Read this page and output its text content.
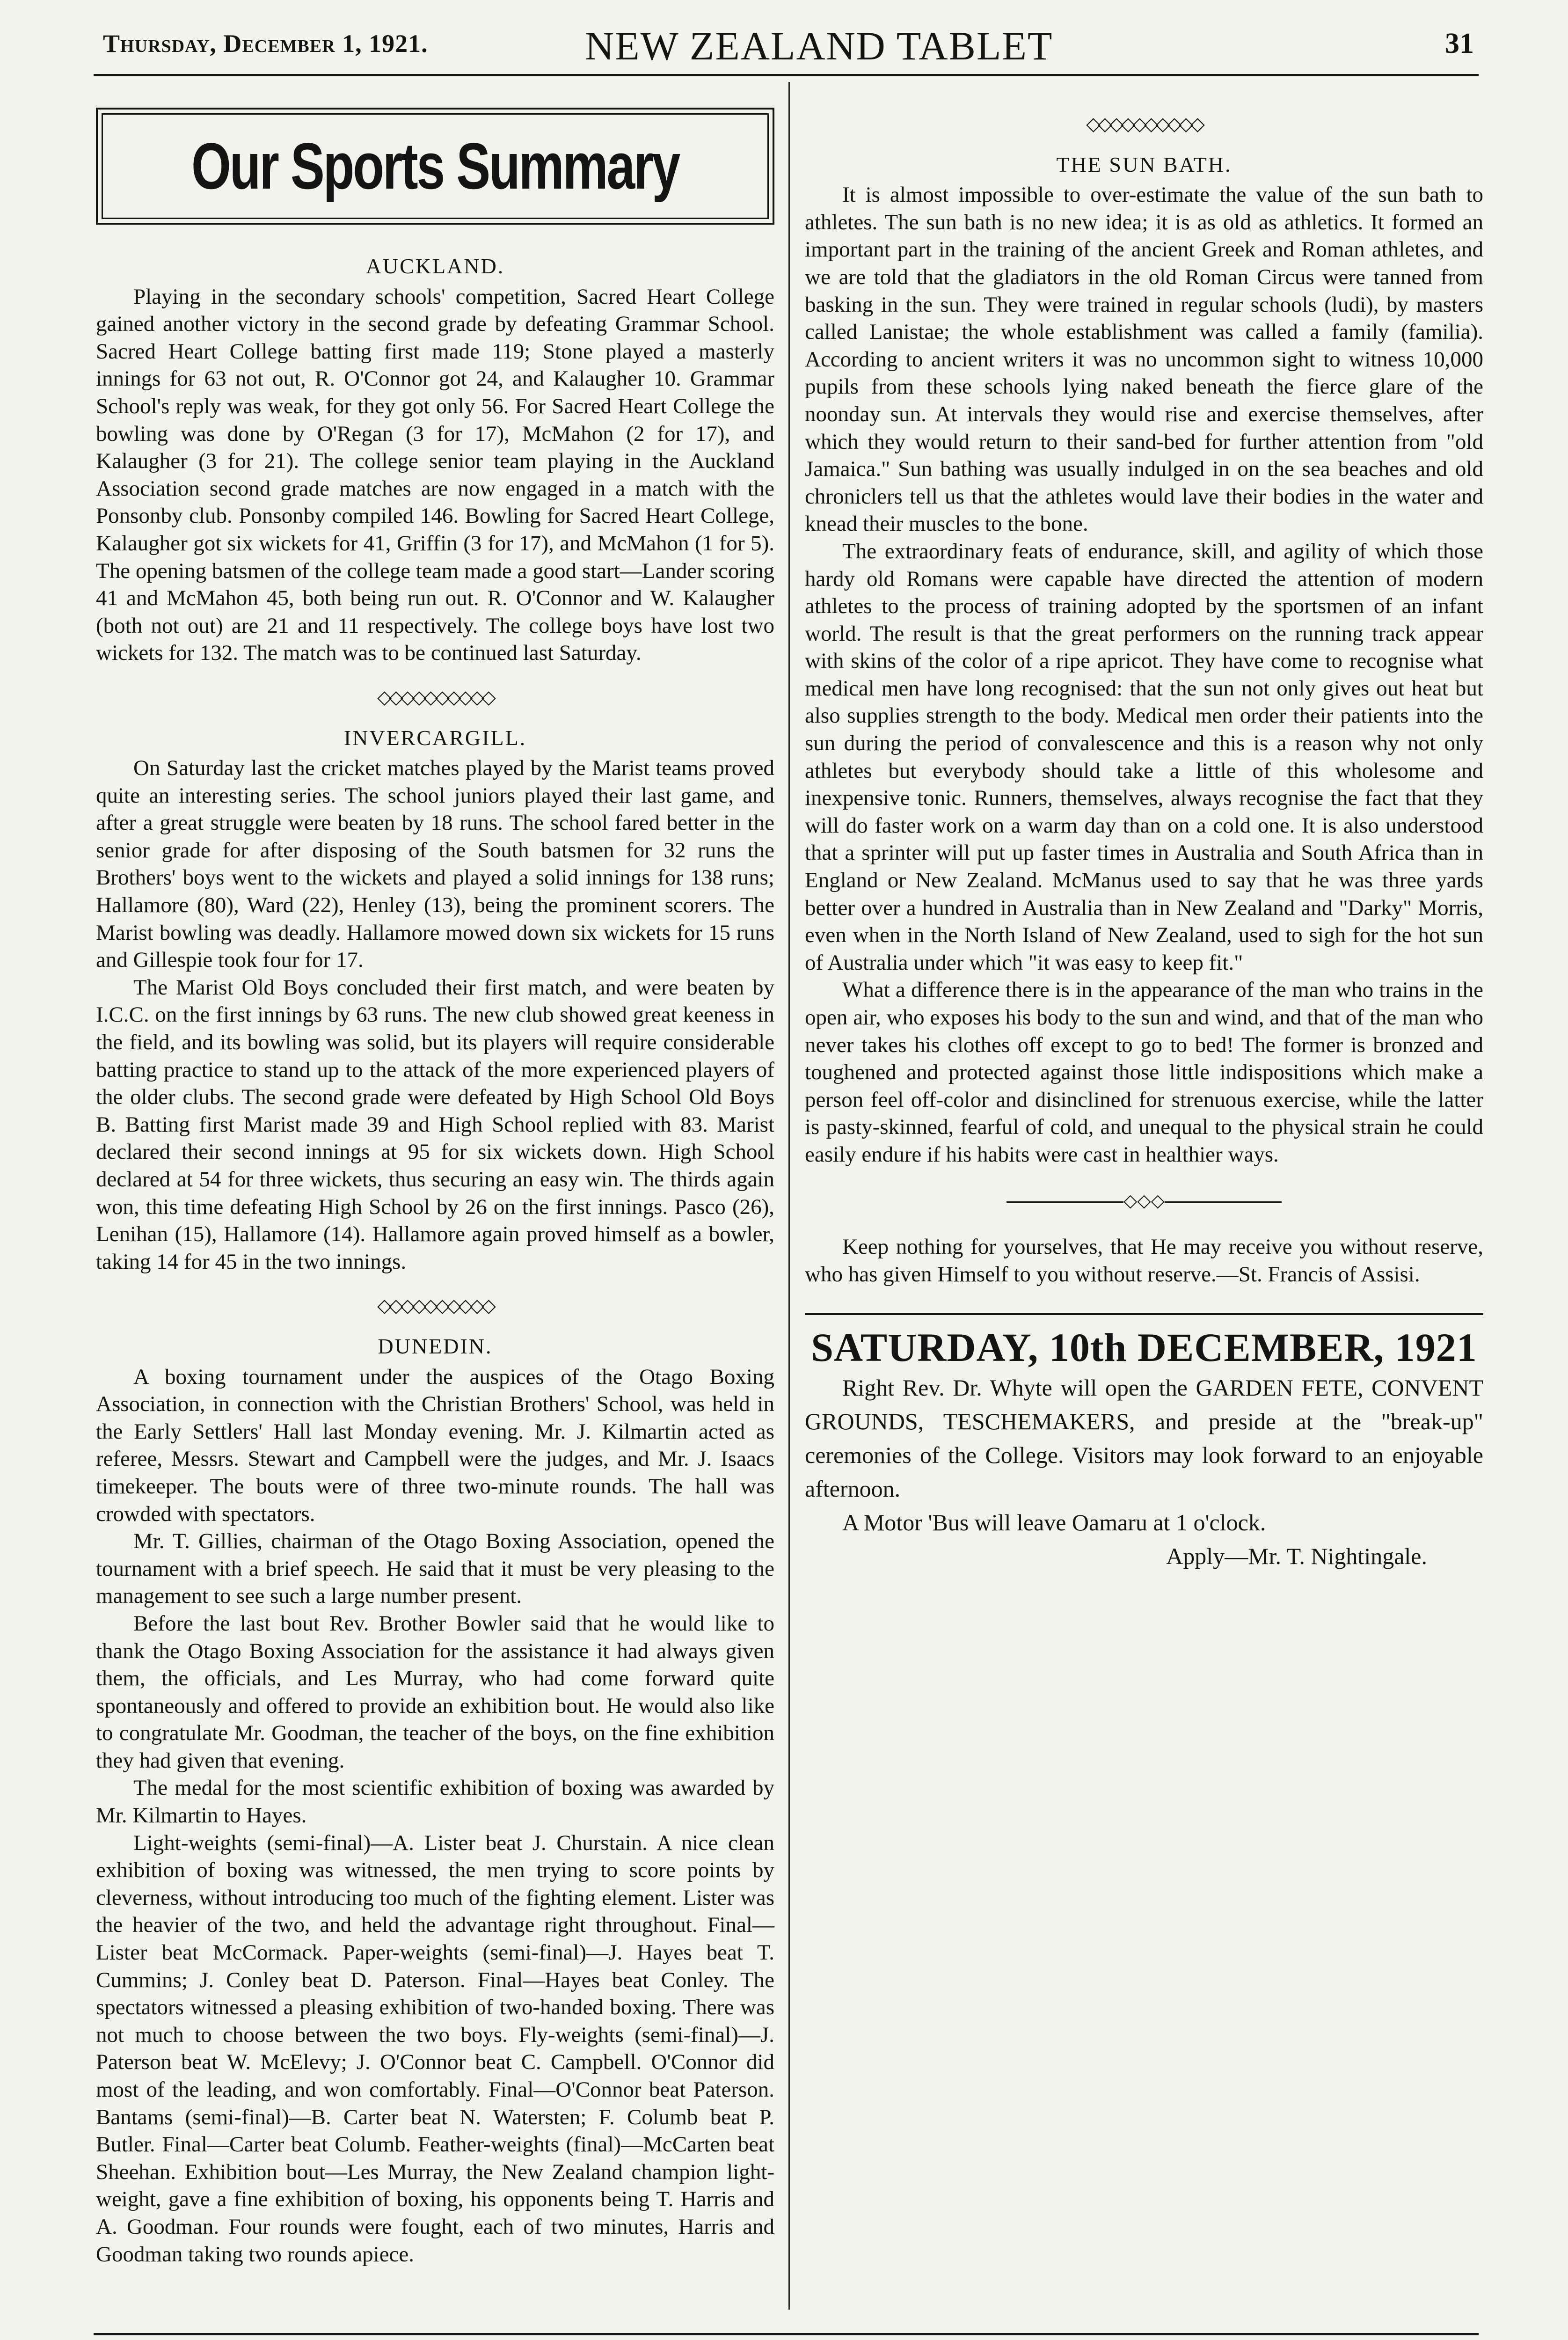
Thursday, December 1, 1921.	NEW ZEALAND TABLET	31
Our Sports Summary
AUCKLAND.

Playing in the secondary schools' competition, Sacred Heart College gained another victory in the second grade by defeating Grammar School. Sacred Heart College batting first made 119; Stone played a masterly innings for 63 not out, R. O'Connor got 24, and Kalaugher 10. Grammar School's reply was weak, for they got only 56. For Sacred Heart College the bowling was done by O'Regan (3 for 17), McMahon (2 for 17), and Kalaugher (3 for 21). The college senior team playing in the Auckland Association second grade matches are now engaged in a match with the Ponsonby club. Ponsonby compiled 146. Bowling for Sacred Heart College, Kalaugher got six wickets for 41, Griffin (3 for 17), and McMahon (1 for 5). The opening batsmen of the college team made a good start—Lander scoring 41 and McMahon 45, both being run out. R. O'Connor and W. Kalaugher (both not out) are 21 and 11 respectively. The college boys have lost two wickets for 132. The match was to be continued last Saturday.

◇◇◇◇◇◇◇◇◇◇
INVERCARGILL.

On Saturday last the cricket matches played by the Marist teams proved quite an interesting series. The school juniors played their last game, and after a great struggle were beaten by 18 runs. The school fared better in the senior grade for after disposing of the South batsmen for 32 runs the Brothers' boys went to the wickets and played a solid innings for 138 runs; Hallamore (80), Ward (22), Henley (13), being the prominent scorers. The Marist bowling was deadly. Hallamore mowed down six wickets for 15 runs and Gillespie took four for 17.

The Marist Old Boys concluded their first match, and were beaten by I.C.C. on the first innings by 63 runs. The new club showed great keeness in the field, and its bowling was solid, but its players will require considerable batting practice to stand up to the attack of the more experienced players of the older clubs. The second grade were defeated by High School Old Boys B. Batting first Marist made 39 and High School replied with 83. Marist declared their second innings at 95 for six wickets down. High School declared at 54 for three wickets, thus securing an easy win. The thirds again won, this time defeating High School by 26 on the first innings. Pasco (26), Lenihan (15), Hallamore (14). Hallamore again proved himself as a bowler, taking 14 for 45 in the two innings.

◇◇◇◇◇◇◇◇◇◇
DUNEDIN.

A boxing tournament under the auspices of the Otago Boxing Association, in connection with the Christian Brothers' School, was held in the Early Settlers' Hall last Monday evening. Mr. J. Kilmartin acted as referee, Messrs. Stewart and Campbell were the judges, and Mr. J. Isaacs timekeeper. The bouts were of three two-minute rounds. The hall was crowded with spectators.

Mr. T. Gillies, chairman of the Otago Boxing Association, opened the tournament with a brief speech. He said that it must be very pleasing to the management to see such a large number present.

Before the last bout Rev. Brother Bowler said that he would like to thank the Otago Boxing Association for the assistance it had always given them, the officials, and Les Murray, who had come forward quite spontaneously and offered to provide an exhibition bout. He would also like to congratulate Mr. Goodman, the teacher of the boys, on the fine exhibition they had given that evening.

The medal for the most scientific exhibition of boxing was awarded by Mr. Kilmartin to Hayes.

Light-weights (semi-final)—A. Lister beat J. Churstain. A nice clean exhibition of boxing was witnessed, the men trying to score points by cleverness, without introducing too much of the fighting element. Lister was the heavier of the two, and held the advantage right throughout. Final—Lister beat McCormack. Paper-weights (semi-final)—J. Hayes beat T. Cummins; J. Conley beat D. Paterson. Final—Hayes beat Conley. The spectators witnessed a pleasing exhibition of two-handed boxing. There was not much to choose between the two boys. Fly-weights (semi-final)—J. Paterson beat W. McElevy; J. O'Connor beat C. Campbell. O'Connor did most of the leading, and won comfortably. Final—O'Connor beat Paterson. Bantams (semi-final)—B. Carter beat N. Watersten; F. Columb beat P. Butler. Final—Carter beat Columb. Feather-weights (final)—McCarten beat Sheehan. Exhibition bout—Les Murray, the New Zealand champion light-weight, gave a fine exhibition of boxing, his opponents being T. Harris and A. Goodman. Four rounds were fought, each of two minutes, Harris and Goodman taking two rounds apiece.

◇◇◇◇◇◇◇◇◇◇
THE SUN BATH.

It is almost impossible to over-estimate the value of the sun bath to athletes. The sun bath is no new idea; it is as old as athletics. It formed an important part in the training of the ancient Greek and Roman athletes, and we are told that the gladiators in the old Roman Circus were tanned from basking in the sun. They were trained in regular schools (ludi), by masters called Lanistae; the whole establishment was called a family (familia). According to ancient writers it was no uncommon sight to witness 10,000 pupils from these schools lying naked beneath the fierce glare of the noonday sun. At intervals they would rise and exercise themselves, after which they would return to their sand-bed for further attention from "old Jamaica." Sun bathing was usually indulged in on the sea beaches and old chroniclers tell us that the athletes would lave their bodies in the water and knead their muscles to the bone.

The extraordinary feats of endurance, skill, and agility of which those hardy old Romans were capable have directed the attention of modern athletes to the process of training adopted by the sportsmen of an infant world. The result is that the great performers on the running track appear with skins of the color of a ripe apricot. They have come to recognise what medical men have long recognised: that the sun not only gives out heat but also supplies strength to the body. Medical men order their patients into the sun during the period of convalescence and this is a reason why not only athletes but everybody should take a little of this wholesome and inexpensive tonic. Runners, themselves, always recognise the fact that they will do faster work on a warm day than on a cold one. It is also understood that a sprinter will put up faster times in Australia and South Africa than in England or New Zealand. McManus used to say that he was three yards better over a hundred in Australia than in New Zealand and "Darky" Morris, even when in the North Island of New Zealand, used to sigh for the hot sun of Australia under which "it was easy to keep fit."

What a difference there is in the appearance of the man who trains in the open air, who exposes his body to the sun and wind, and that of the man who never takes his clothes off except to go to bed! The former is bronzed and toughened and protected against those little indispositions which make a person feel off-color and disinclined for strenuous exercise, while the latter is pasty-skinned, fearful of cold, and unequal to the physical strain he could easily endure if his habits were cast in healthier ways.

◇◇◇

Keep nothing for yourselves, that He may receive you without reserve, who has given Himself to you without reserve.—St. Francis of Assisi.

SATURDAY, 10th DECEMBER, 1921

Right Rev. Dr. Whyte will open the GARDEN FETE, CONVENT GROUNDS, TESCHEMAKERS, and preside at the "break-up" ceremonies of the College. Visitors may look forward to an enjoyable afternoon.

A Motor 'Bus will leave Oamaru at 1 o'clock.

Apply—Mr. T. Nightingale.
